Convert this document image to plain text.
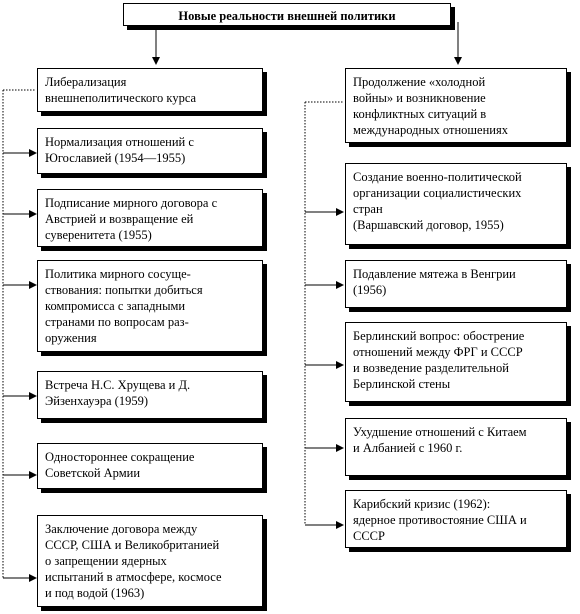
Новые реальности внешней политики
Либерализация
внешнеполитического курса
Нормализация отношений с
Югославией (1954—1955)
Подписание мирного договора с
Австрией и возвращение ей
суверенитета (1955)
Политика мирного сосуще-
ствования: попытки добиться
компромисса с западными
странами по вопросам раз-
оружения
Встреча Н.С. Хрущева и Д.
Эйзенхауэра (1959)
Одностороннее сокращение
Советской Армии
Заключение договора между
СССР, США и Великобританией
о запрещении ядерных
испытаний в атмосфере, космосе
и под водой (1963)
Продолжение «холодной
войны» и возникновение
конфликтных ситуаций в
международных отношениях
Создание военно-политической
организации социалистических
стран
(Варшавский договор, 1955)
Подавление мятежа в Венгрии
(1956)
Берлинский вопрос: обострение
отношений между ФРГ и СССР
и возведение разделительной
Берлинской стены
Ухудшение отношений с Китаем
и Албанией с 1960 г.
Карибский кризис (1962):
ядерное противостояние США и
СССР
